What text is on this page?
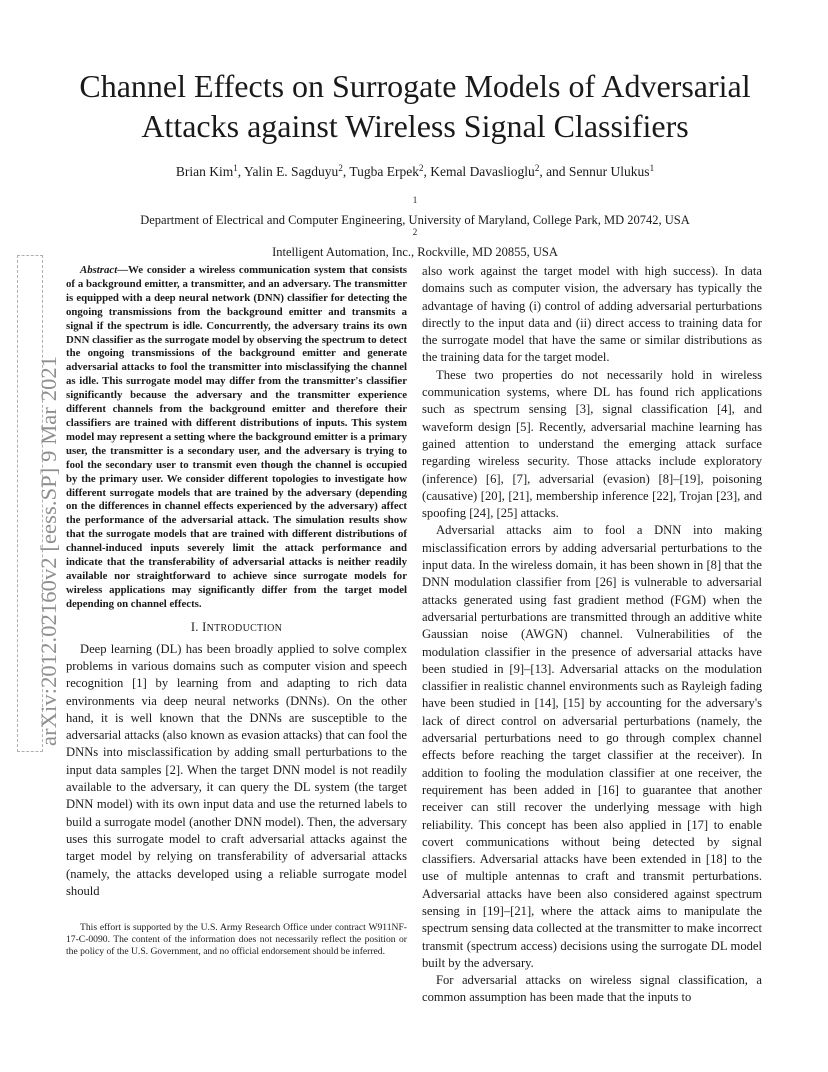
arXiv:2012.02160v2 [eess.SP] 9 Mar 2021
Channel Effects on Surrogate Models of Adversarial
Attacks against Wireless Signal Classifiers
Brian Kim$^1$, Yalin E. Sagduyu$^2$, Tugba Erpek$^2$, Kemal Davaslioglu$^2$, and Sennur Ulukus$^1$
$^1$
Department of Electrical and Computer Engineering, University of Maryland, College Park, MD 20742, USA
$^2$
Intelligent Automation, Inc., Rockville, MD 20855, USA

Abstract—We consider a wireless communication system that consists of a background emitter, a transmitter, and an adversary. The transmitter is equipped with a deep neural network (DNN) classifier for detecting the ongoing transmissions from the background emitter and transmits a signal if the spectrum is idle. Concurrently, the adversary trains its own DNN classifier as the surrogate model by observing the spectrum to detect the ongoing transmissions of the background emitter and generate adversarial attacks to fool the transmitter into misclassifying the channel as idle. This surrogate model may differ from the transmitter's classifier significantly because the adversary and the transmitter experience different channels from the background emitter and therefore their classifiers are trained with different distributions of inputs. This system model may represent a setting where the background emitter is a primary user, the transmitter is a secondary user, and the adversary is trying to fool the secondary user to transmit even though the channel is occupied by the primary user. We consider different topologies to investigate how different surrogate models that are trained by the adversary (depending on the differences in channel effects experienced by the adversary) affect the performance of the adversarial attack. The simulation results show that the surrogate models that are trained with different distributions of channel-induced inputs severely limit the attack performance and indicate that the transferability of adversarial attacks is neither readily available nor straightforward to achieve since surrogate models for wireless applications may significantly differ from the target model depending on channel effects.

I. INTRODUCTION

Deep learning (DL) has been broadly applied to solve complex problems in various domains such as computer vision and speech recognition [1] by learning from and adapting to rich data environments via deep neural networks (DNNs). On the other hand, it is well known that the DNNs are susceptible to the adversarial attacks (also known as evasion attacks) that can fool the DNNs into misclassification by adding small perturbations to the input data samples [2]. When the target DNN model is not readily available to the adversary, it can query the DL system (the target DNN model) with its own input data and use the returned labels to build a surrogate model (another DNN model). Then, the adversary uses this surrogate model to craft adversarial attacks against the target model by relying on transferability of adversarial attacks (namely, the attacks developed using a reliable surrogate model should

This effort is supported by the U.S. Army Research Office under contract W911NF-17-C-0090. The content of the information does not necessarily reflect the position or the policy of the U.S. Government, and no official endorsement should be inferred.

also work against the target model with high success). In data domains such as computer vision, the adversary has typically the advantage of having (i) control of adding adversarial perturbations directly to the input data and (ii) direct access to training data for the surrogate model that have the same or similar distributions as the training data for the target model.

These two properties do not necessarily hold in wireless communication systems, where DL has found rich applications such as spectrum sensing [3], signal classification [4], and waveform design [5]. Recently, adversarial machine learning has gained attention to understand the emerging attack surface regarding wireless security. Those attacks include exploratory (inference) [6], [7], adversarial (evasion) [8]–[19], poisoning (causative) [20], [21], membership inference [22], Trojan [23], and spoofing [24], [25] attacks.

Adversarial attacks aim to fool a DNN into making misclassification errors by adding adversarial perturbations to the input data. In the wireless domain, it has been shown in [8] that the DNN modulation classifier from [26] is vulnerable to adversarial attacks generated using fast gradient method (FGM) when the adversarial perturbations are transmitted through an additive white Gaussian noise (AWGN) channel. Vulnerabilities of the modulation classifier in the presence of adversarial attacks have been studied in [9]–[13]. Adversarial attacks on the modulation classifier in realistic channel environments such as Rayleigh fading have been studied in [14], [15] by accounting for the adversary's lack of direct control on adversarial perturbations (namely, the adversarial perturbations need to go through complex channel effects before reaching the target classifier at the receiver). In addition to fooling the modulation classifier at one receiver, the requirement has been added in [16] to guarantee that another receiver can still recover the underlying message with high reliability. This concept has been also applied in [17] to enable covert communications without being detected by signal classifiers. Adversarial attacks have been extended in [18] to the use of multiple antennas to craft and transmit perturbations. Adversarial attacks have been also considered against spectrum sensing in [19]–[21], where the attack aims to manipulate the spectrum sensing data collected at the transmitter to make incorrect transmit (spectrum access) decisions using the surrogate DL model built by the adversary.

For adversarial attacks on wireless signal classification, a common assumption has been made that the inputs to
